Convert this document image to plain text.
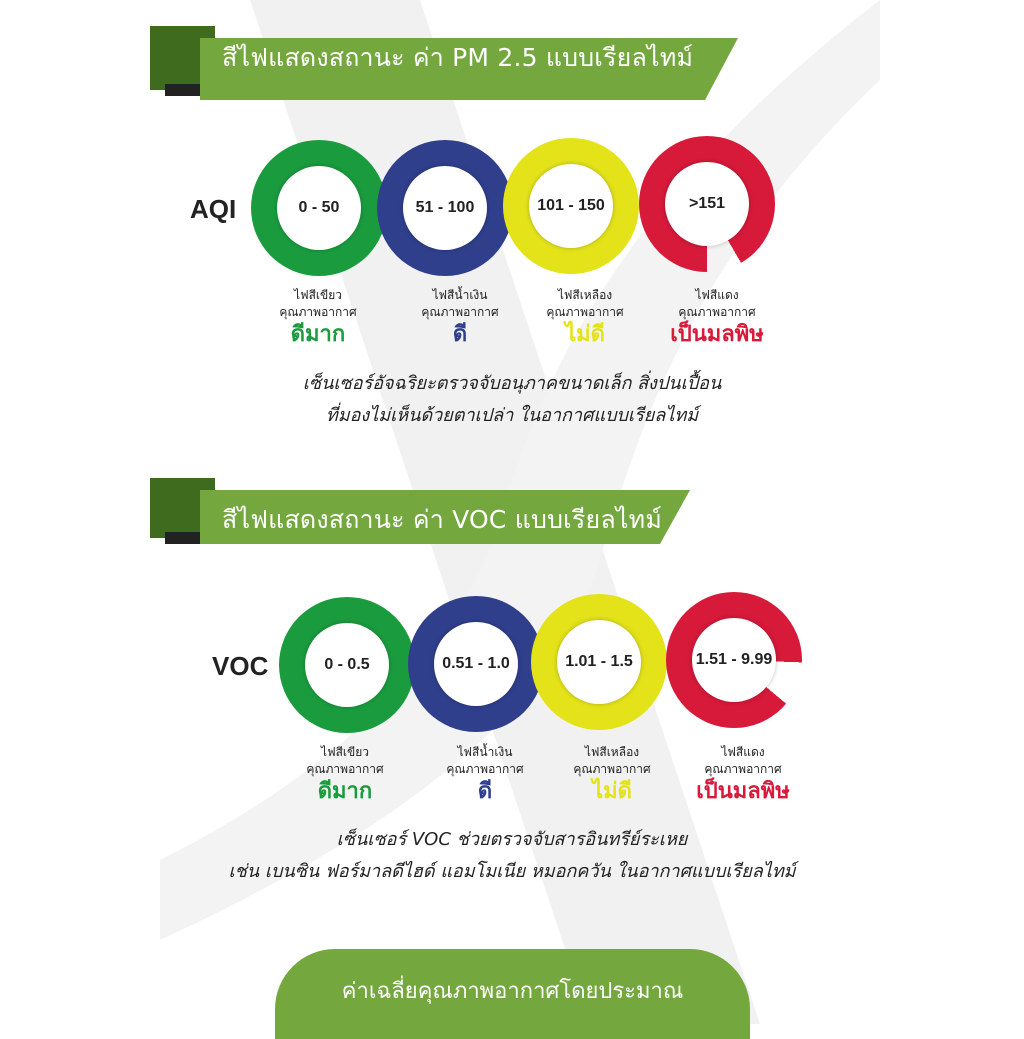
สีไฟแสดงสถานะ ค่า PM 2.5 แบบเรียลไทม์
AQI	0 - 50	51 - 100	101 - 150	>151
ไฟสีเขียว
คุณภาพอากาศ
ดีมาก
ไฟสีน้ำเงิน
คุณภาพอากาศ
ดี
ไฟสีเหลือง
คุณภาพอากาศ
ไม่ดี
ไฟสีแดง
คุณภาพอากาศ
เป็นมลพิษ
เซ็นเซอร์อัจฉริยะตรวจจับอนุภาคขนาดเล็ก สิ่งปนเปื้อน
ที่มองไม่เห็นด้วยตาเปล่า ในอากาศแบบเรียลไทม์
สีไฟแสดงสถานะ ค่า VOC แบบเรียลไทม์
VOC	0 - 0.5	0.51 - 1.0	1.01 - 1.5	1.51 - 9.99
ไฟสีเขียว
คุณภาพอากาศ
ดีมาก
ไฟสีน้ำเงิน
คุณภาพอากาศ
ดี
ไฟสีเหลือง
คุณภาพอากาศ
ไม่ดี
ไฟสีแดง
คุณภาพอากาศ
เป็นมลพิษ
เซ็นเซอร์ VOC ช่วยตรวจจับสารอินทรีย์ระเหย
เช่น เบนซิน ฟอร์มาลดีไฮด์ แอมโมเนีย หมอกควัน ในอากาศแบบเรียลไทม์
ค่าเฉลี่ยคุณภาพอากาศโดยประมาณ
